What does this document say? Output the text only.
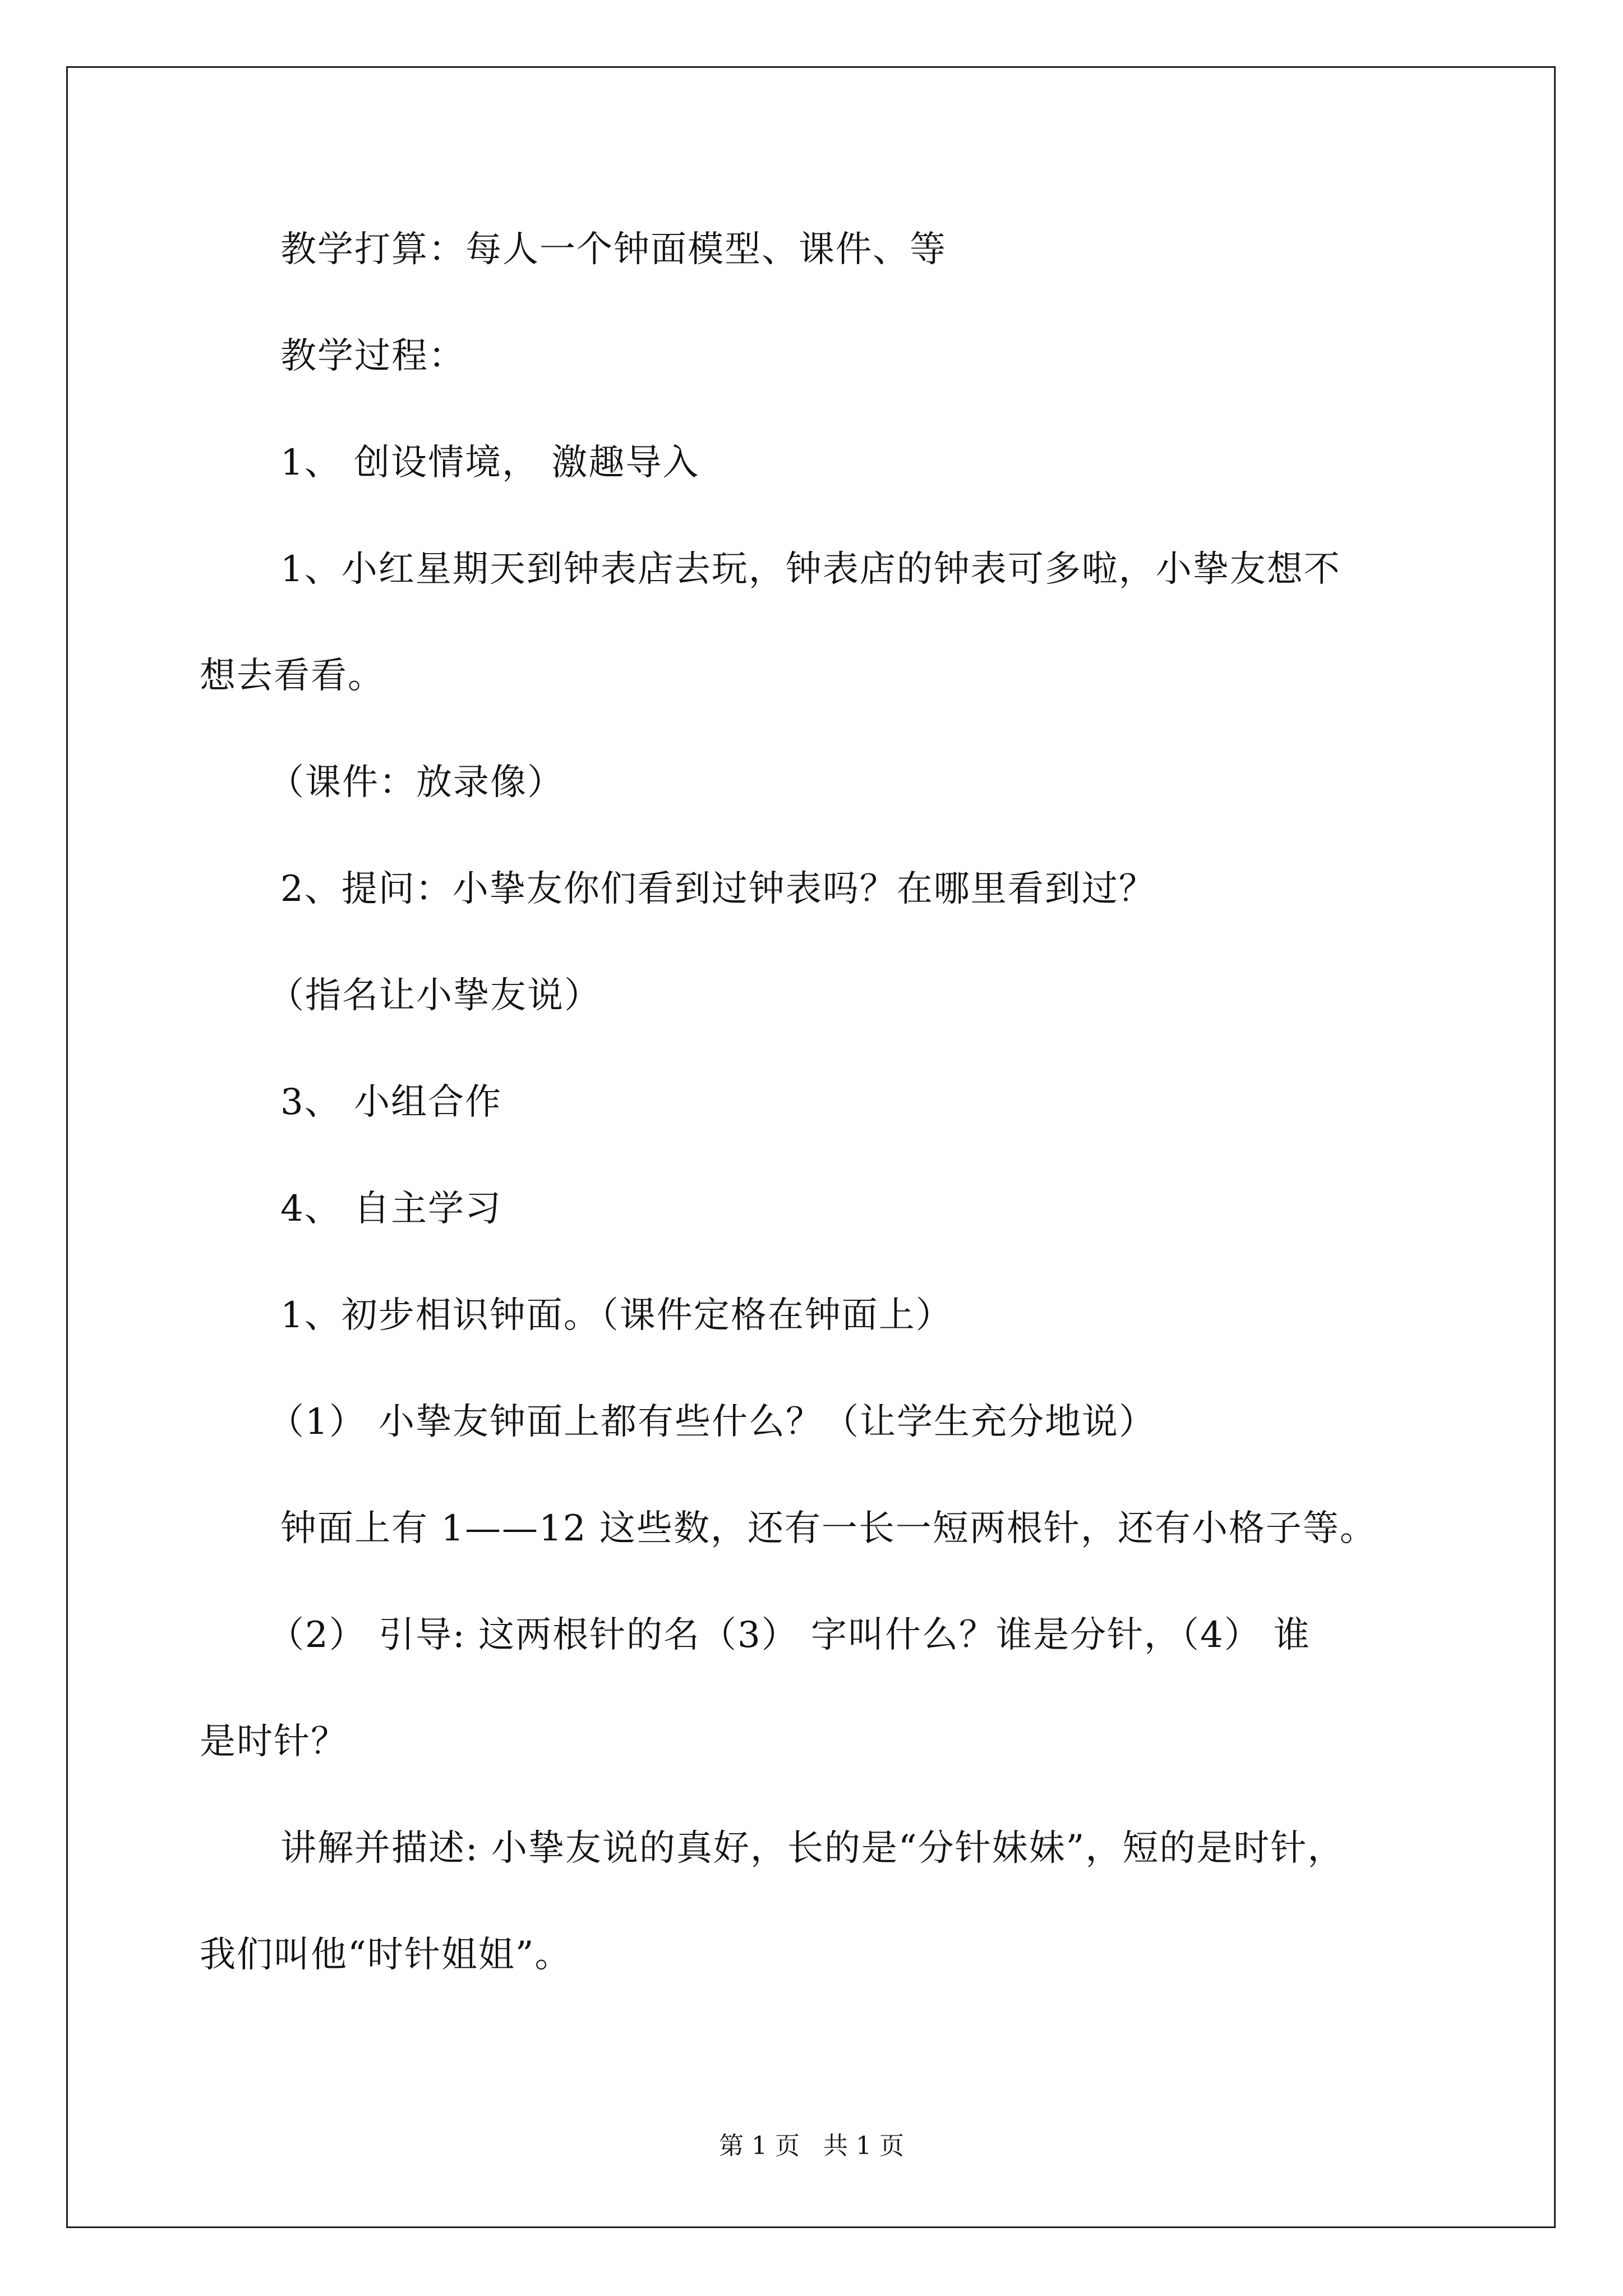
教学打算：每人一个钟面模型、课件、等
教学过程：
1、 创设情境， 激趣导入
1、小红星期天到钟表店去玩，钟表店的钟表可多啦，小挚友想不
想去看看。
（课件：放录像）
2、提问：小挚友你们看到过钟表吗？在哪里看到过？
（指名让小挚友说）
3、 小组合作
4、 自主学习
1、初步相识钟面。（课件定格在钟面上）
（1） 小挚友钟面上都有些什么？（让学生充分地说）
钟面上有 1——12 这些数，还有一长一短两根针，还有小格子等。
（2） 引导: 这两根针的名（3） 字叫什么？谁是分针，（4） 谁
是时针？
讲解并描述: 小挚友说的真好，长的是“分针妹妹”，短的是时针，
我们叫他“时针姐姐”。
第 1 页   共 1 页
